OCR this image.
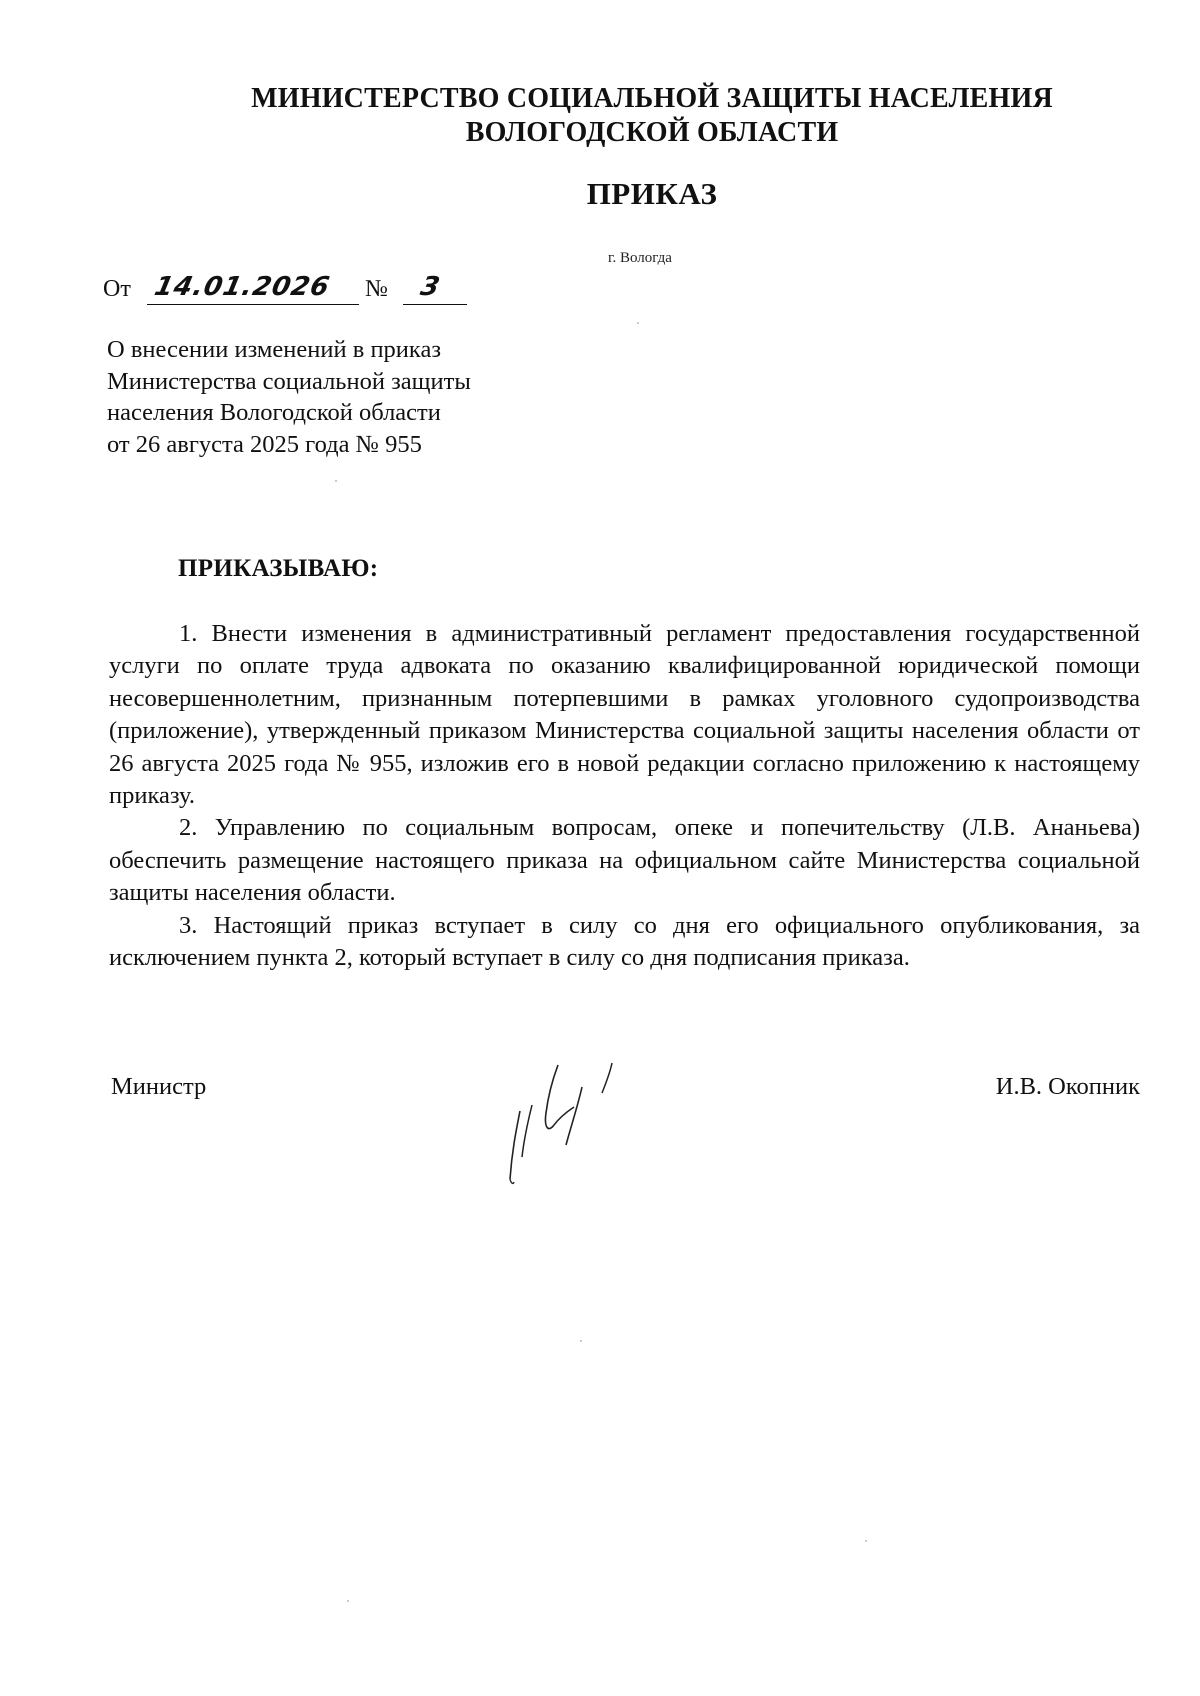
МИНИСТЕРСТВО СОЦИАЛЬНОЙ ЗАЩИТЫ НАСЕЛЕНИЯ
ВОЛОГОДСКОЙ ОБЛАСТИ
ПРИКАЗ
г. Вологда
От 14.01.2026 № 3
О внесении изменений в приказ
Министерства социальной защиты
населения Вологодской области
от 26 августа 2025 года № 955
ПРИКАЗЫВАЮ:

1. Внести изменения в административный регламент предоставления государственной услуги по оплате труда адвоката по оказанию квалифицированной юридической помощи несовершеннолетним, признанным потерпевшими в рамках уголовного судопроизводства (приложение), утвержденный приказом Министерства социальной защиты населения области от 26 августа 2025 года № 955, изложив его в новой редакции согласно приложению к настоящему приказу.

2. Управлению по социальным вопросам, опеке и попечительству (Л.В. Ананьева) обеспечить размещение настоящего приказа на официальном сайте Министерства социальной защиты населения области.

3. Настоящий приказ вступает в силу со дня его официального опубликования, за исключением пункта 2, который вступает в силу со дня подписания приказа.

Министр	И.В. Окопник
